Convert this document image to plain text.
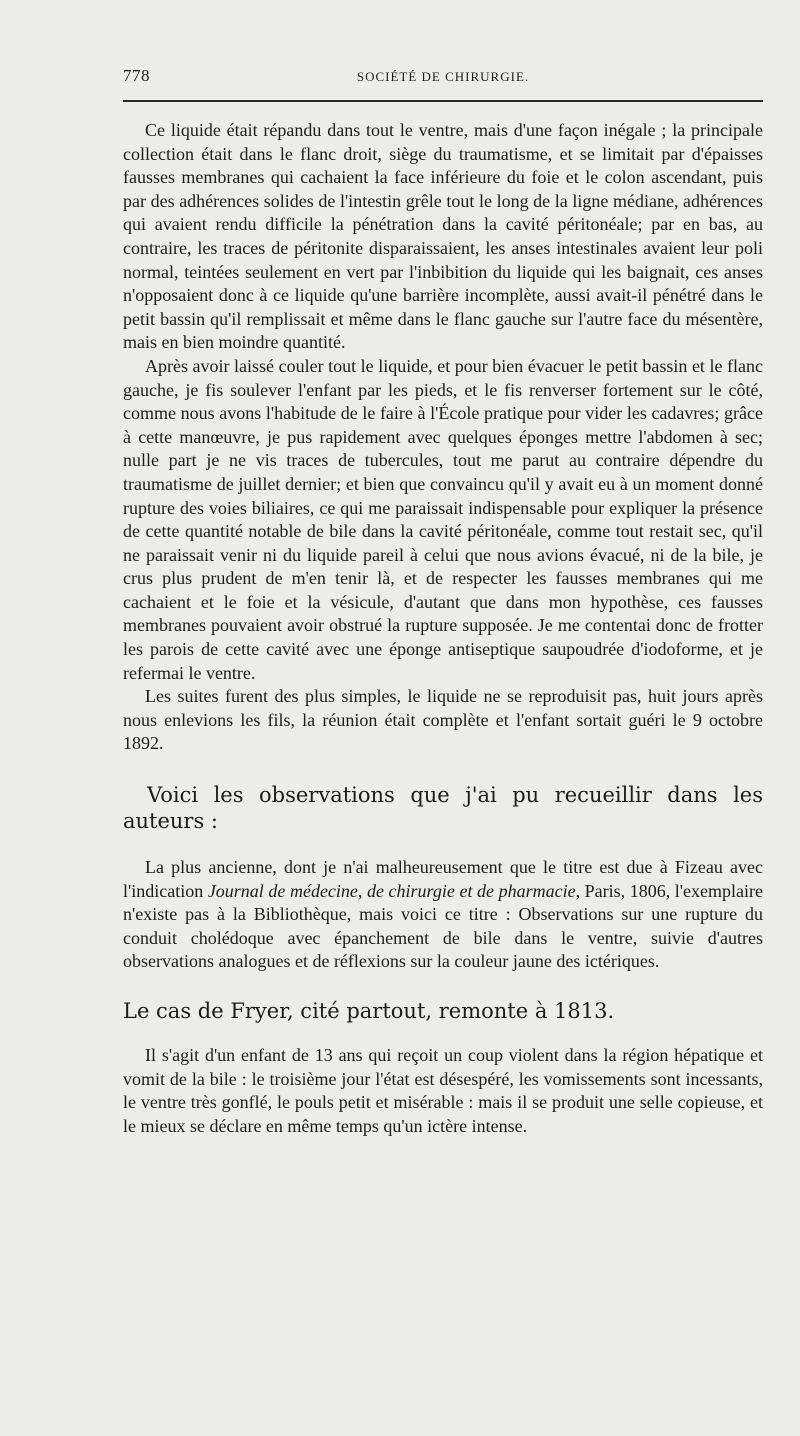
778	SOCIÉTÉ DE CHIRURGIE.

Ce liquide était répandu dans tout le ventre, mais d'une façon inégale ; la principale collection était dans le flanc droit, siège du traumatisme, et se limitait par d'épaisses fausses membranes qui cachaient la face inférieure du foie et le colon ascendant, puis par des adhérences solides de l'intestin grêle tout le long de la ligne médiane, adhérences qui avaient rendu difficile la pénétration dans la cavité péritonéale; par en bas, au contraire, les traces de péritonite disparaissaient, les anses intestinales avaient leur poli normal, teintées seulement en vert par l'inbibition du liquide qui les baignait, ces anses n'opposaient donc à ce liquide qu'une barrière incomplète, aussi avait-il pénétré dans le petit bassin qu'il remplissait et même dans le flanc gauche sur l'autre face du mésentère, mais en bien moindre quantité.

Après avoir laissé couler tout le liquide, et pour bien évacuer le petit bassin et le flanc gauche, je fis soulever l'enfant par les pieds, et le fis renverser fortement sur le côté, comme nous avons l'habitude de le faire à l'École pratique pour vider les cadavres; grâce à cette manœuvre, je pus rapidement avec quelques éponges mettre l'abdomen à sec; nulle part je ne vis traces de tubercules, tout me parut au contraire dépendre du traumatisme de juillet dernier; et bien que convaincu qu'il y avait eu à un moment donné rupture des voies biliaires, ce qui me paraissait indispensable pour expliquer la présence de cette quantité notable de bile dans la cavité péritonéale, comme tout restait sec, qu'il ne paraissait venir ni du liquide pareil à celui que nous avions évacué, ni de la bile, je crus plus prudent de m'en tenir là, et de respecter les fausses membranes qui me cachaient et le foie et la vésicule, d'autant que dans mon hypothèse, ces fausses membranes pouvaient avoir obstrué la rupture supposée. Je me contentai donc de frotter les parois de cette cavité avec une éponge antiseptique saupoudrée d'iodoforme, et je refermai le ventre.

Les suites furent des plus simples, le liquide ne se reproduisit pas, huit jours après nous enlevions les fils, la réunion était complète et l'enfant sortait guéri le 9 octobre 1892.

Voici les observations que j'ai pu recueillir dans les auteurs :

La plus ancienne, dont je n'ai malheureusement que le titre est due à Fizeau avec l'indication Journal de médecine, de chirurgie et de pharmacie, Paris, 1806, l'exemplaire n'existe pas à la Bibliothèque, mais voici ce titre : Observations sur une rupture du conduit cholédoque avec épanchement de bile dans le ventre, suivie d'autres observations analogues et de réflexions sur la couleur jaune des ictériques.

Le cas de Fryer, cité partout, remonte à 1813.

Il s'agit d'un enfant de 13 ans qui reçoit un coup violent dans la région hépatique et vomit de la bile : le troisième jour l'état est désespéré, les vomissements sont incessants, le ventre très gonflé, le pouls petit et misérable : mais il se produit une selle copieuse, et le mieux se déclare en même temps qu'un ictère intense.
